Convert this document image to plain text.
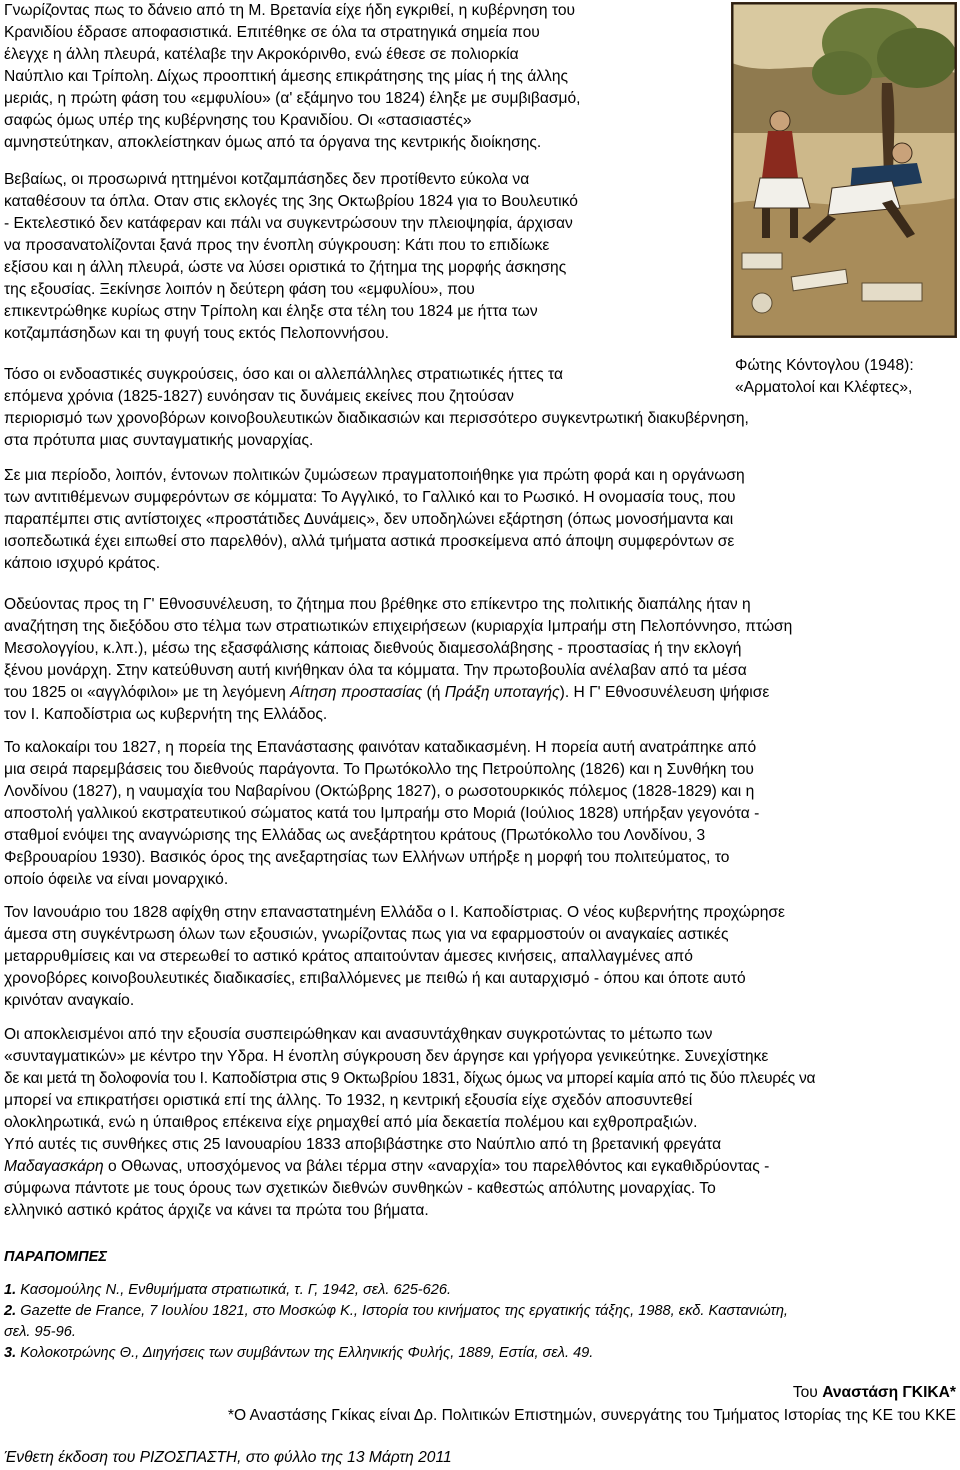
Γνωρίζοντας πως το δάνειο από τη Μ. Βρετανία είχε ήδη εγκριθεί, η κυβέρνηση του
Κρανιδίου έδρασε αποφασιστικά. Επιτέθηκε σε όλα τα στρατηγικά σημεία που
έλεγχε η άλλη πλευρά, κατέλαβε την Ακροκόρινθο, ενώ έθεσε σε πολιορκία
Ναύπλιο και Τρίπολη. Δίχως προοπτική άμεσης επικράτησης της μίας ή της άλλης
μεριάς, η πρώτη φάση του «εμφυλίου» (α' εξάμηνο του 1824) έληξε με συμβιβασμό,
σαφώς όμως υπέρ της κυβέρνησης του Κρανιδίου. Οι «στασιαστές»
αμνηστεύτηκαν, αποκλείστηκαν όμως από τα όργανα της κεντρικής διοίκησης.
Βεβαίως, οι προσωρινά ηττημένοι κοτζαμπάσηδες δεν προτίθεντο εύκολα να
καταθέσουν τα όπλα. Οταν στις εκλογές της 3ης Οκτωβρίου 1824 για το Βουλευτικό
- Εκτελεστικό δεν κατάφεραν και πάλι να συγκεντρώσουν την πλειοψηφία, άρχισαν
να προσανατολίζονται ξανά προς την ένοπλη σύγκρουση: Κάτι που το επιδίωκε
εξίσου και η άλλη πλευρά, ώστε να λύσει οριστικά το ζήτημα της μορφής άσκησης
της εξουσίας. Ξεκίνησε λοιπόν η δεύτερη φάση του «εμφυλίου», που
επικεντρώθηκε κυρίως στην Τρίπολη και έληξε στα τέλη του 1824 με ήττα των
κοτζαμπάσηδων και τη φυγή τους εκτός Πελοποννήσου.
Τόσο οι ενδοαστικές συγκρούσεις, όσο και οι αλλεπάλληλες στρατιωτικές ήττες τα
επόμενα χρόνια (1825-1827) ευνόησαν τις δυνάμεις εκείνες που ζητούσαν
περιορισμό των χρονοβόρων κοινοβουλευτικών διαδικασιών και περισσότερο συγκεντρωτική διακυβέρνηση,
στα πρότυπα μιας συνταγματικής μοναρχίας.
Σε μια περίοδο, λοιπόν, έντονων πολιτικών ζυμώσεων πραγματοποιήθηκε για πρώτη φορά και η οργάνωση
των αντιτιθέμενων συμφερόντων σε κόμματα: Το Αγγλικό, το Γαλλικό και το Ρωσικό. Η ονομασία τους, που
παραπέμπει στις αντίστοιχες «προστάτιδες Δυνάμεις», δεν υποδηλώνει εξάρτηση (όπως μονοσήμαντα και
ισοπεδωτικά έχει ειπωθεί στο παρελθόν), αλλά τμήματα αστικά προσκείμενα από άποψη συμφερόντων σε
κάποιο ισχυρό κράτος.
Οδεύοντας προς τη Γ' Εθνοσυνέλευση, το ζήτημα που βρέθηκε στο επίκεντρο της πολιτικής διαπάλης ήταν η
αναζήτηση της διεξόδου στο τέλμα των στρατιωτικών επιχειρήσεων (κυριαρχία Ιμπραήμ στη Πελοπόννησο, πτώση
Μεσολογγίου, κ.λπ.), μέσω της εξασφάλισης κάποιας διεθνούς διαμεσολάβησης - προστασίας ή την εκλογή
ξένου μονάρχη. Στην κατεύθυνση αυτή κινήθηκαν όλα τα κόμματα. Την πρωτοβουλία ανέλαβαν από τα μέσα
του 1825 οι «αγγλόφιλοι» με τη λεγόμενη Αίτηση προστασίας (ή Πράξη υποταγής). Η Γ' Εθνοσυνέλευση ψήφισε
τον Ι. Καποδίστρια ως κυβερνήτη της Ελλάδος.
Το καλοκαίρι του 1827, η πορεία της Επανάστασης φαινόταν καταδικασμένη. Η πορεία αυτή ανατράπηκε από
μια σειρά παρεμβάσεις του διεθνούς παράγοντα. Το Πρωτόκολλο της Πετρούπολης (1826) και η Συνθήκη του
Λονδίνου (1827), η ναυμαχία του Ναβαρίνου (Οκτώβρης 1827), ο ρωσοτουρκικός πόλεμος (1828-1829) και η
αποστολή γαλλικού εκστρατευτικού σώματος κατά του Ιμπραήμ στο Μοριά (Ιούλιος 1828) υπήρξαν γεγονότα -
σταθμοί ενόψει της αναγνώρισης της Ελλάδας ως ανεξάρτητου κράτους (Πρωτόκολλο του Λονδίνου, 3
Φεβρουαρίου 1930). Βασικός όρος της ανεξαρτησίας των Ελλήνων υπήρξε η μορφή του πολιτεύματος, το
οποίο όφειλε να είναι μοναρχικό.
Τον Ιανουάριο του 1828 αφίχθη στην επαναστατημένη Ελλάδα ο Ι. Καποδίστριας. Ο νέος κυβερνήτης προχώρησε
άμεσα στη συγκέντρωση όλων των εξουσιών, γνωρίζοντας πως για να εφαρμοστούν οι αναγκαίες αστικές
μεταρρυθμίσεις και να στερεωθεί το αστικό κράτος απαιτούνταν άμεσες κινήσεις, απαλλαγμένες από
χρονοβόρες κοινοβουλευτικές διαδικασίες, επιβαλλόμενες με πειθώ ή και αυταρχισμό - όπου και όποτε αυτό
κρινόταν αναγκαίο.
Οι αποκλεισμένοι από την εξουσία συσπειρώθηκαν και ανασυντάχθηκαν συγκροτώντας το μέτωπο των
«συνταγματικών» με κέντρο την Υδρα. Η ένοπλη σύγκρουση δεν άργησε και γρήγορα γενικεύτηκε. Συνεχίστηκε
δε και μετά τη δολοφονία του Ι. Καποδίστρια στις 9 Οκτωβρίου 1831, δίχως όμως να μπορεί καμία από τις δύο πλευρές να
μπορεί να επικρατήσει οριστικά επί της άλλης. Το 1932, η κεντρική εξουσία είχε σχεδόν αποσυντεθεί
ολοκληρωτικά, ενώ η ύπαιθρος επέκεινα είχε ρημαχθεί από μία δεκαετία πολέμου και εχθροπραξιών.
Υπό αυτές τις συνθήκες στις 25 Ιανουαρίου 1833 αποβιβάστηκε στο Ναύπλιο από τη βρετανική φρεγάτα
Μαδαγασκάρη ο Οθωνας, υποσχόμενος να βάλει τέρμα στην «αναρχία» του παρελθόντος και εγκαθιδρύοντας -
σύμφωνα πάντοτε με τους όρους των σχετικών διεθνών συνθηκών - καθεστώς απόλυτης μοναρχίας. Το
ελληνικό αστικό κράτος άρχιζε να κάνει τα πρώτα του βήματα.
ΠΑΡΑΠΟΜΠΕΣ
1. Κασομούλης Ν., Ενθυμήματα στρατιωτικά, τ. Γ, 1942, σελ. 625-626.
2. Gazette de France, 7 Ιουλίου 1821, στο Μοσκώφ Κ., Ιστορία του κινήματος της εργατικής τάξης, 1988, εκδ. Καστανιώτη,
σελ. 95-96.
3. Κολοκοτρώνης Θ., Διηγήσεις των συμβάντων της Ελληνικής Φυλής, 1889, Εστία, σελ. 49.
Του Αναστάση ΓΚΙΚΑ*
*Ο Αναστάσης Γκίκας είναι Δρ. Πολιτικών Επιστημών, συνεργάτης του Τμήματος Ιστορίας της ΚΕ του ΚΚΕ
Ένθετη έκδοση του ΡΙΖΟΣΠΑΣΤΗ, στο φύλλο της 13 Μάρτη 2011
Φώτης Κόντογλου (1948):
«Αρματολοί και Κλέφτες»,
